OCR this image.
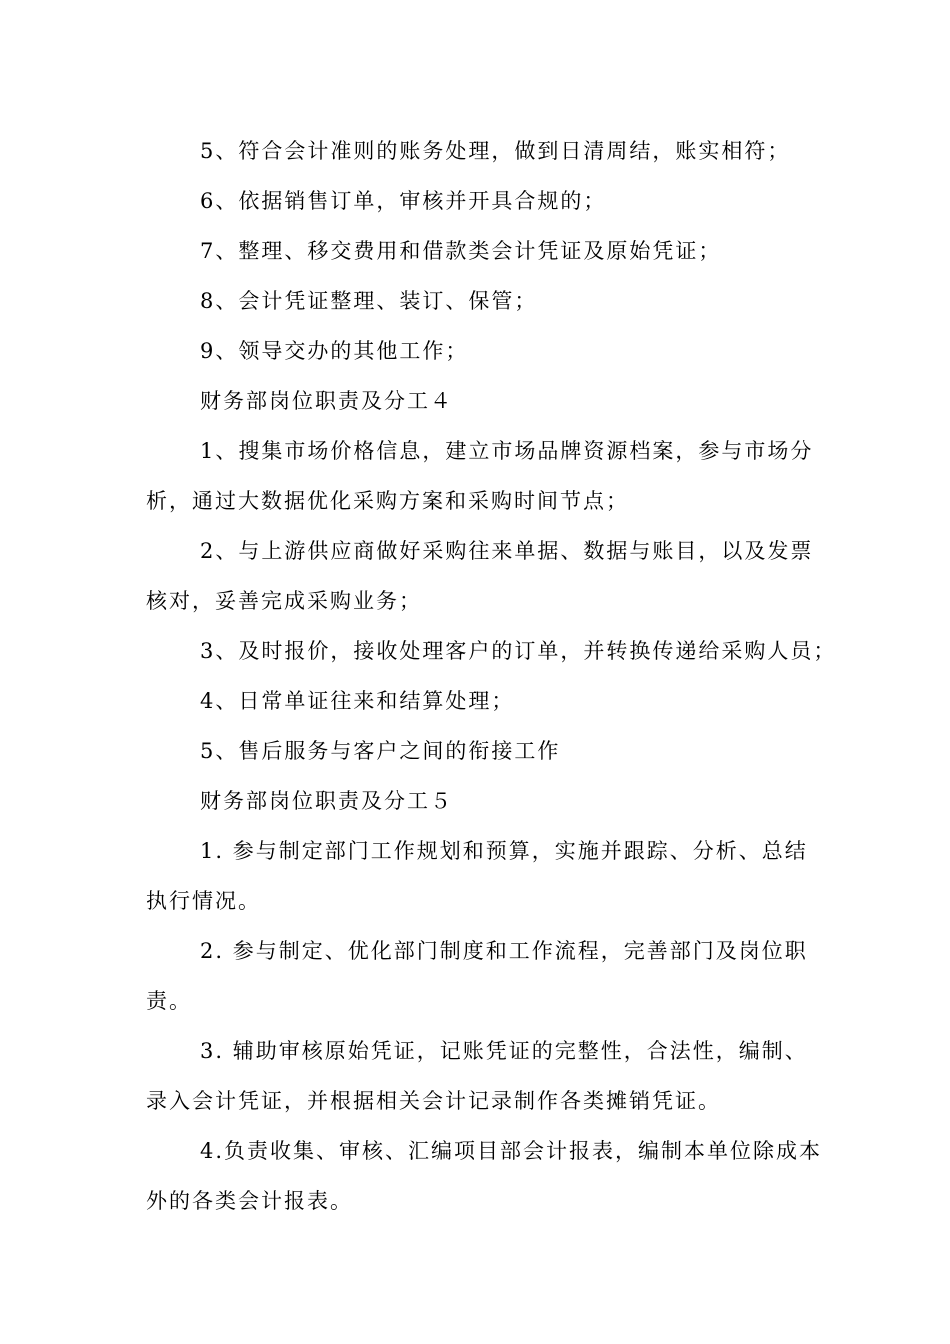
5、符合会计准则的账务处理，做到日清周结，账实相符；
6、依据销售订单，审核并开具合规的；
7、整理、移交费用和借款类会计凭证及原始凭证；
8、会计凭证整理、装订、保管；
9、领导交办的其他工作；
财务部岗位职责及分工４
1、搜集市场价格信息，建立市场品牌资源档案，参与市场分
析，通过大数据优化采购方案和采购时间节点；
2、与上游供应商做好采购往来单据、数据与账目，以及发票
核对，妥善完成采购业务；
3、及时报价，接收处理客户的订单，并转换传递给采购人员；
4、日常单证往来和结算处理；
5、售后服务与客户之间的衔接工作
财务部岗位职责及分工５
1. 参与制定部门工作规划和预算，实施并跟踪、分析、总结
执行情况。
2. 参与制定、优化部门制度和工作流程，完善部门及岗位职
责。
3. 辅助审核原始凭证，记账凭证的完整性，合法性，编制、
录入会计凭证，并根据相关会计记录制作各类摊销凭证。
4.负责收集、审核、汇编项目部会计报表，编制本单位除成本
外的各类会计报表。
